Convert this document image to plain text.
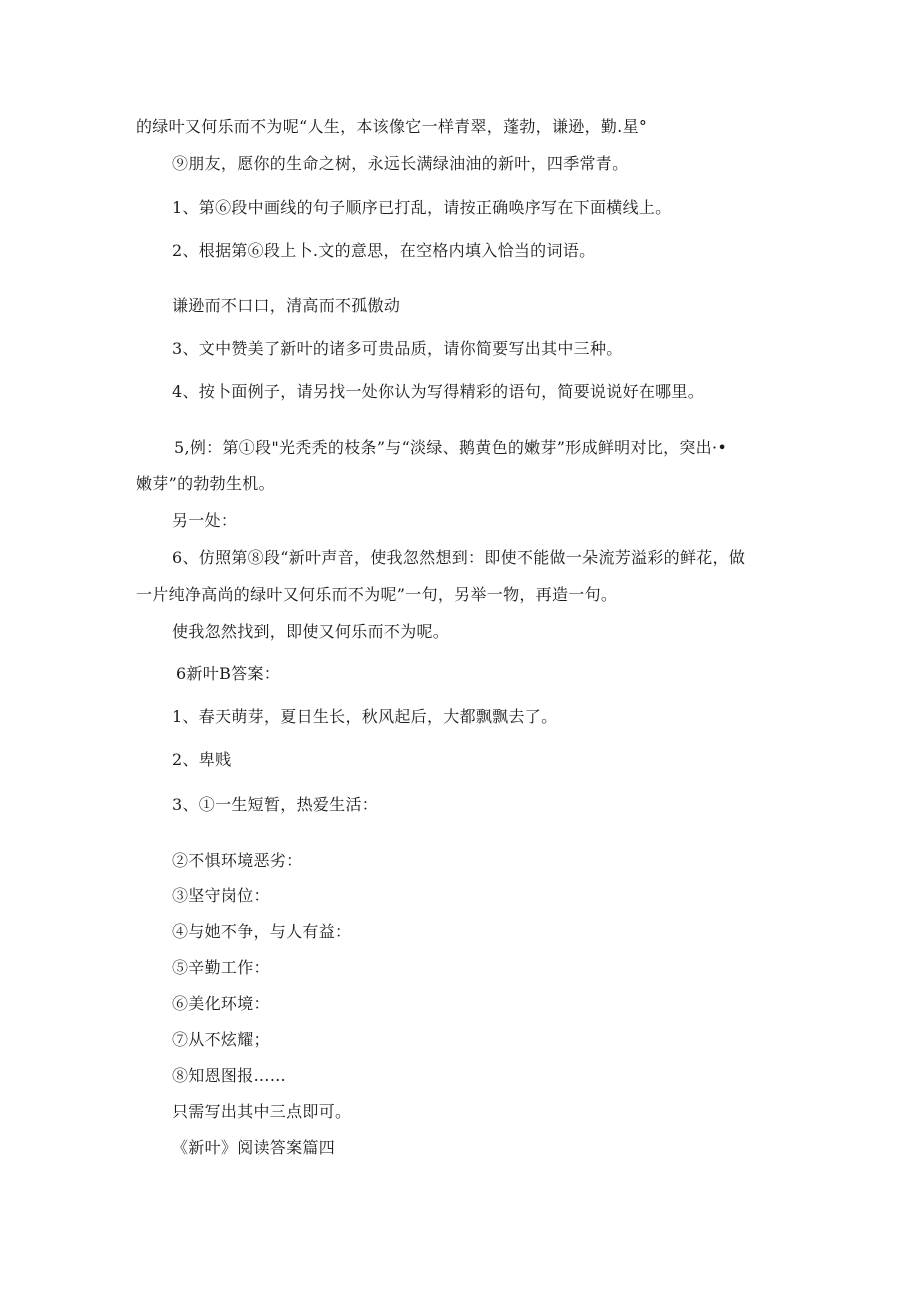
的绿叶又何乐而不为呢“人生，本该像它一样青翠，蓬勃，谦逊，勤.星°
⑨朋友，愿你的生命之树，永远长满绿油油的新叶，四季常青。
1、第⑥段中画线的句子顺序已打乱，请按正确唤序写在下面横线上。
2、根据第⑥段上卜.文的意思，在空格内填入恰当的词语。
谦逊而不口口，清高而不孤傲动
3、文中赞美了新叶的诸多可贵品质，请你简要写出其中三种。
4、按卜面例子，请另找一处你认为写得精彩的语句，简要说说好在哪里。
5,例：第①段"光秃秃的枝条”与“淡绿、鹅黄色的嫩芽”形成鲜明对比，突出·•
嫩芽”的勃勃生机。
另一处：
6、仿照第⑧段“新叶声音，使我忽然想到：即使不能做一朵流芳溢彩的鲜花，做
一片纯净高尚的绿叶又何乐而不为呢”一句，另举一物，再造一句。
使我忽然找到，即使又何乐而不为呢。
6新叶B答案：
1、春天萌芽，夏日生长，秋风起后，大都飘飘去了。
2、卑贱
3、①一生短暂，热爱生活：
②不惧环境恶劣：
③坚守岗位：
④与她不争，与人有益：
⑤辛勤工作：
⑥美化环境：
⑦从不炫耀；
⑧知恩图报……
只需写出其中三点即可。
《新叶》阅读答案篇四
